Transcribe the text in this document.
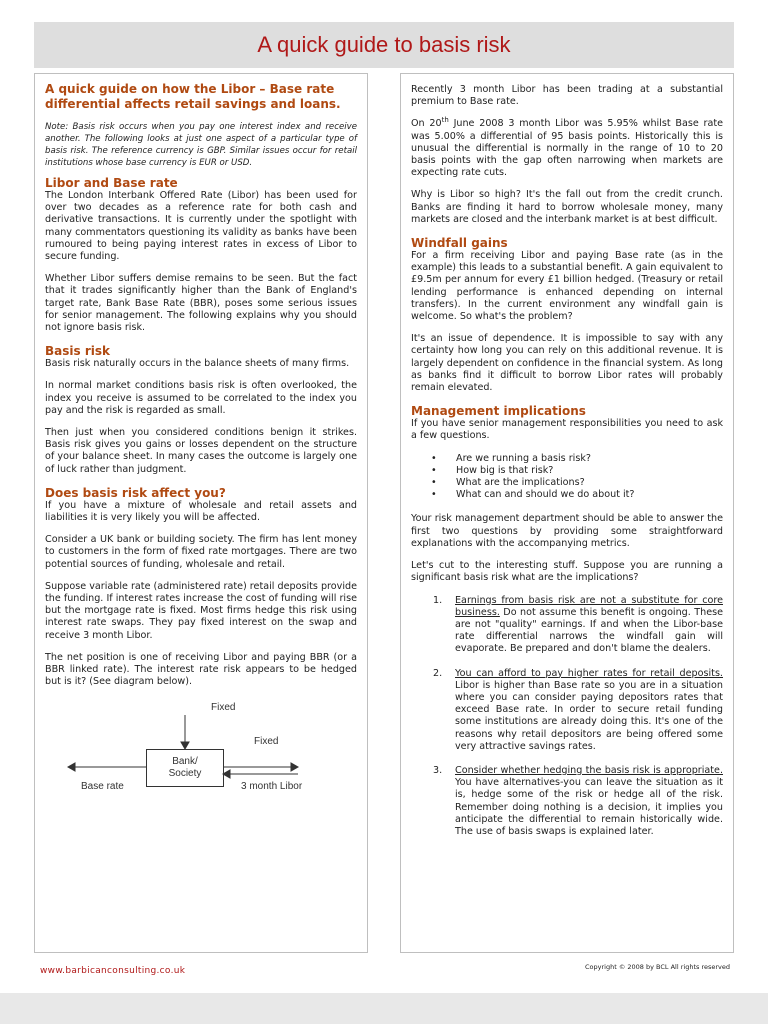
A quick guide to basis risk

A quick guide on how the Libor – Base rate differential affects retail savings and loans.

Note: Basis risk occurs when you pay one interest index and receive another. The following looks at just one aspect of a particular type of basis risk. The reference currency is GBP. Similar issues occur for retail institutions whose base currency is EUR or USD.

Libor and Base rate

The London Interbank Offered Rate (Libor) has been used for over two decades as a reference rate for both cash and derivative transactions. It is currently under the spotlight with many commentators questioning its validity as banks have been rumoured to being paying interest rates in excess of Libor to secure funding.

Whether Libor suffers demise remains to be seen. But the fact that it trades significantly higher than the Bank of England's target rate, Bank Base Rate (BBR), poses some serious issues for senior management. The following explains why you should not ignore basis risk.

Basis risk

Basis risk naturally occurs in the balance sheets of many firms.

In normal market conditions basis risk is often overlooked, the index you receive is assumed to be correlated to the index you pay and the risk is regarded as small.

Then just when you considered conditions benign it strikes. Basis risk gives you gains or losses dependent on the structure of your balance sheet. In many cases the outcome is largely one of luck rather than judgment.

Does basis risk affect you?

If you have a mixture of wholesale and retail assets and liabilities it is very likely you will be affected.

Consider a UK bank or building society. The firm has lent money to customers in the form of fixed rate mortgages. There are two potential sources of funding, wholesale and retail.

Suppose variable rate (administered rate) retail deposits provide the funding. If interest rates increase the cost of funding will rise but the mortgage rate is fixed. Most firms hedge this risk using interest rate swaps. They pay fixed interest on the swap and receive 3 month Libor.

The net position is one of receiving Libor and paying BBR (or a BBR linked rate). The interest rate risk appears to be hedged but is it? (See diagram below).

Fixed
Fixed
Bank/
Society
Base rate	3 month Libor

Recently 3 month Libor has been trading at a substantial premium to Base rate.

On 20th June 2008 3 month Libor was 5.95% whilst Base rate was 5.00% a differential of 95 basis points. Historically this is unusual the differential is normally in the range of 10 to 20 basis points with the gap often narrowing when markets are expecting rate cuts.

Why is Libor so high? It's the fall out from the credit crunch. Banks are finding it hard to borrow wholesale money, many markets are closed and the interbank market is at best difficult.

Windfall gains

For a firm receiving Libor and paying Base rate (as in the example) this leads to a substantial benefit. A gain equivalent to £9.5m per annum for every £1 billion hedged. (Treasury or retail lending performance is enhanced depending on internal transfers). In the current environment any windfall gain is welcome. So what's the problem?

It's an issue of dependence. It is impossible to say with any certainty how long you can rely on this additional revenue. It is largely dependent on confidence in the financial system. As long as banks find it difficult to borrow Libor rates will probably remain elevated.

Management implications

If you have senior management responsibilities you need to ask a few questions.

• Are we running a basis risk?
• How big is that risk?
• What are the implications?
• What can and should we do about it?

Your risk management department should be able to answer the first two questions by providing some straightforward explanations with the accompanying metrics.

Let's cut to the interesting stuff. Suppose you are running a significant basis risk what are the implications?

1.	Earnings from basis risk are not a substitute for core business. Do not assume this benefit is ongoing. These are not "quality" earnings. If and when the Libor-base rate differential narrows the windfall gain will evaporate. Be prepared and don't blame the dealers.
2.	You can afford to pay higher rates for retail deposits. Libor is higher than Base rate so you are in a situation where you can consider paying depositors rates that exceed Base rate. In order to secure retail funding some institutions are already doing this. It's one of the reasons why retail depositors are being offered some very attractive savings rates.
3.	Consider whether hedging the basis risk is appropriate. You have alternatives-you can leave the situation as it is, hedge some of the risk or hedge all of the risk. Remember doing nothing is a decision, it implies you anticipate the differential to remain historically wide. The use of basis swaps is explained later.
www.barbicanconsulting.co.uk	Copyright © 2008 by BCL All rights reserved
